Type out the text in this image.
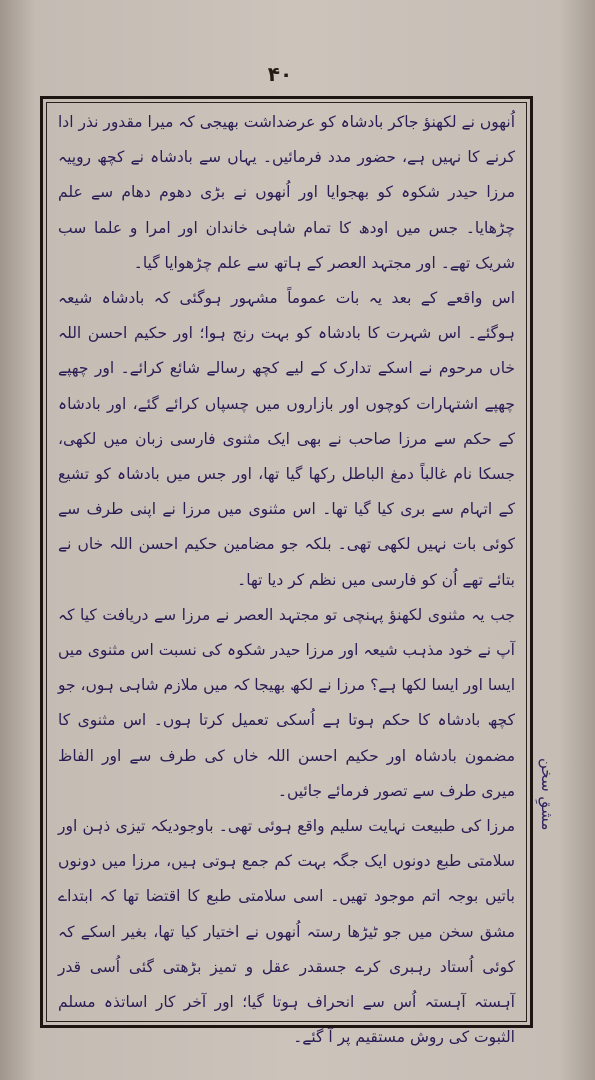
۴۰

اُنھوں نے لکھنؤ جاکر بادشاہ کو عرضداشت بھیجی کہ میرا مقدور نذر ادا کرنے کا نہیں ہے، حضور مدد فرمائیں۔ یہاں سے بادشاہ نے کچھ روپیہ مرزا حیدر شکوہ کو بھجوایا اور اُنھوں نے بڑی دھوم دھام سے علم چڑھایا۔ جس میں اودھ کا تمام شاہی خاندان اور امرا و علما سب شریک تھے۔ اور مجتہد العصر کے ہاتھ سے علم چڑھوایا گیا۔

اس واقعے کے بعد یہ بات عموماً مشہور ہوگئی کہ بادشاہ شیعہ ہوگئے۔ اس شہرت کا بادشاہ کو بہت رنج ہوا؛ اور حکیم احسن اللہ خاں مرحوم نے اسکے تدارک کے لیے کچھ رسالے شائع کرائے۔ اور چھپے چھپے اشتہارات کوچوں اور بازاروں میں چسپاں کرائے گئے، اور بادشاہ کے حکم سے مرزا صاحب نے بھی ایک مثنوی فارسی زبان میں لکھی، جسکا نام غالباً دمغ الباطل رکھا گیا تھا، اور جس میں بادشاہ کو تشیع کے اتہام سے بری کیا گیا تھا۔ اس مثنوی میں مرزا نے اپنی طرف سے کوئی بات نہیں لکھی تھی۔ بلکہ جو مضامین حکیم احسن اللہ خاں نے بتائے تھے اُن کو فارسی میں نظم کر دیا تھا۔

جب یہ مثنوی لکھنؤ پہنچی تو مجتہد العصر نے مرزا سے دریافت کیا کہ آپ نے خود مذہب شیعہ اور مرزا حیدر شکوہ کی نسبت اس مثنوی میں ایسا اور ایسا لکھا ہے؟ مرزا نے لکھ بھیجا کہ میں ملازم شاہی ہوں، جو کچھ بادشاہ کا حکم ہوتا ہے اُسکی تعمیل کرتا ہوں۔ اس مثنوی کا مضمون بادشاہ اور حکیم احسن اللہ خاں کی طرف سے اور الفاظ میری طرف سے تصور فرمائے جائیں۔

مرزا کی طبیعت نہایت سلیم واقع ہوئی تھی۔ باوجودیکہ تیزی ذہن اور سلامتی طبع دونوں ایک جگہ بہت کم جمع ہوتی ہیں، مرزا میں دونوں باتیں بوجہ اتم موجود تھیں۔ اسی سلامتی طبع کا اقتضا تھا کہ ابتداے مشق سخن میں جو ٹیڑھا رستہ اُنھوں نے اختیار کیا تھا، بغیر اسکے کہ کوئی اُستاد رہبری کرے جسقدر عقل و تمیز بڑھتی گئی اُسی قدر آہستہ آہستہ اُس سے انحراف ہوتا گیا؛ اور آخر کار اساتذہ مسلم الثبوت کی روش مستقیم پر آ گئے۔

مشقِ سخن
